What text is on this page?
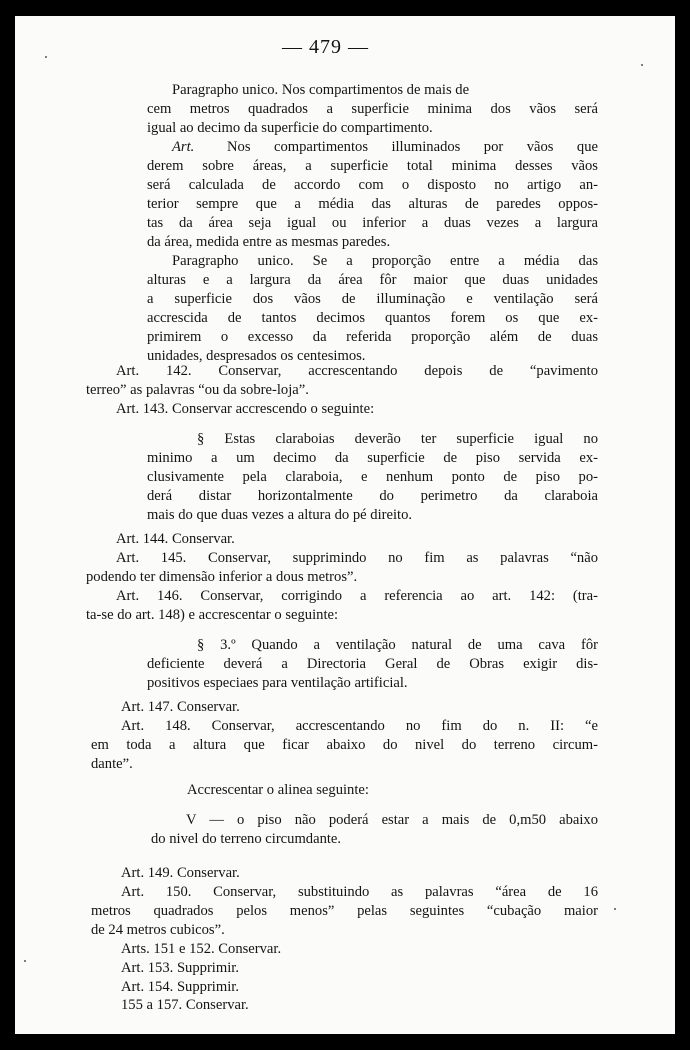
— 479 —
Paragrapho unico. Nos compartimentos de mais de
cem metros quadrados a superficie minima dos vãos será
igual ao decimo da superficie do compartimento.
Art. Nos compartimentos illuminados por vãos que
derem sobre áreas, a superficie total minima desses vãos
será calculada de accordo com o disposto no artigo an-
terior sempre que a média das alturas de paredes oppos-
tas da área seja igual ou inferior a duas vezes a largura
da área, medida entre as mesmas paredes.
Paragrapho unico. Se a proporção entre a média das
alturas e a largura da área fôr maior que duas unidades
a superficie dos vãos de illuminação e ventilação será
accrescida de tantos decimos quantos forem os que ex-
primirem o excesso da referida proporção além de duas
unidades, despresados os centesimos.
Art. 142. Conservar, accrescentando depois de “pavimento
terreo” as palavras “ou da sobre-loja”.
Art. 143. Conservar accrescendo o seguinte:
§ Estas claraboias deverão ter superficie igual no
minimo a um decimo da superficie de piso servida ex-
clusivamente pela claraboia, e nenhum ponto de piso po-
derá distar horizontalmente do perimetro da claraboia
mais do que duas vezes a altura do pé direito.
Art. 144. Conservar.
Art. 145. Conservar, supprimindo no fim as palavras “não
podendo ter dimensão inferior a dous metros”.
Art. 146. Conservar, corrigindo a referencia ao art. 142: (tra-
ta-se do art. 148) e accrescentar o seguinte:
§ 3.º Quando a ventilação natural de uma cava fôr
deficiente deverá a Directoria Geral de Obras exigir dis-
positivos especiaes para ventilação artificial.
Art. 147. Conservar.
Art. 148. Conservar, accrescentando no fim do n. II: “e
em toda a altura que ficar abaixo do nivel do terreno circum-
dante”.
Accrescentar o alinea seguinte:
V — o piso não poderá estar a mais de 0,m50 abaixo
do nivel do terreno circumdante.
Art. 149. Conservar.
Art. 150. Conservar, substituindo as palavras “área de 16
metros quadrados pelos menos” pelas seguintes “cubação maior
de 24 metros cubicos”.
Arts. 151 e 152. Conservar.
Art. 153. Supprimir.
Art. 154. Supprimir.
155 a 157. Conservar.
